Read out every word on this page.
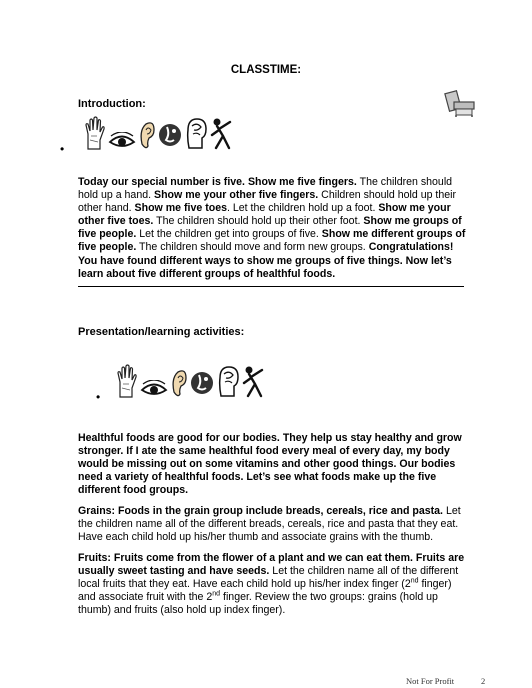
CLASSTIME:
Introduction:
•
Today our special number is five. Show me five fingers. The children should hold up a hand. Show me your other five fingers. Children should hold up their other hand. Show me five toes. Let the children hold up a foot. Show me your other five toes. The children should hold up their other foot. Show me groups of five people. Let the children get into groups of five. Show me different groups of five people. The children should move and form new groups. Congratulations! You have found different ways to show me groups of five things. Now let’s learn about five different groups of healthful foods.
Presentation/learning activities:
•
Healthful foods are good for our bodies. They help us stay healthy and grow stronger. If I ate the same healthful food every meal of every day, my body would be missing out on some vitamins and other good things. Our bodies need a variety of healthful foods. Let’s see what foods make up the five different food groups.
Grains: Foods in the grain group include breads, cereals, rice and pasta. Let the children name all of the different breads, cereals, rice and pasta that they eat. Have each child hold up his/her thumb and associate grains with the thumb.
Fruits: Fruits come from the flower of a plant and we can eat them. Fruits are usually sweet tasting and have seeds. Let the children name all of the different local fruits that they eat. Have each child hold up his/her index finger (2nd finger) and associate fruit with the 2nd finger. Review the two groups: grains (hold up thumb) and fruits (also hold up index finger).
Not For Profit	2
